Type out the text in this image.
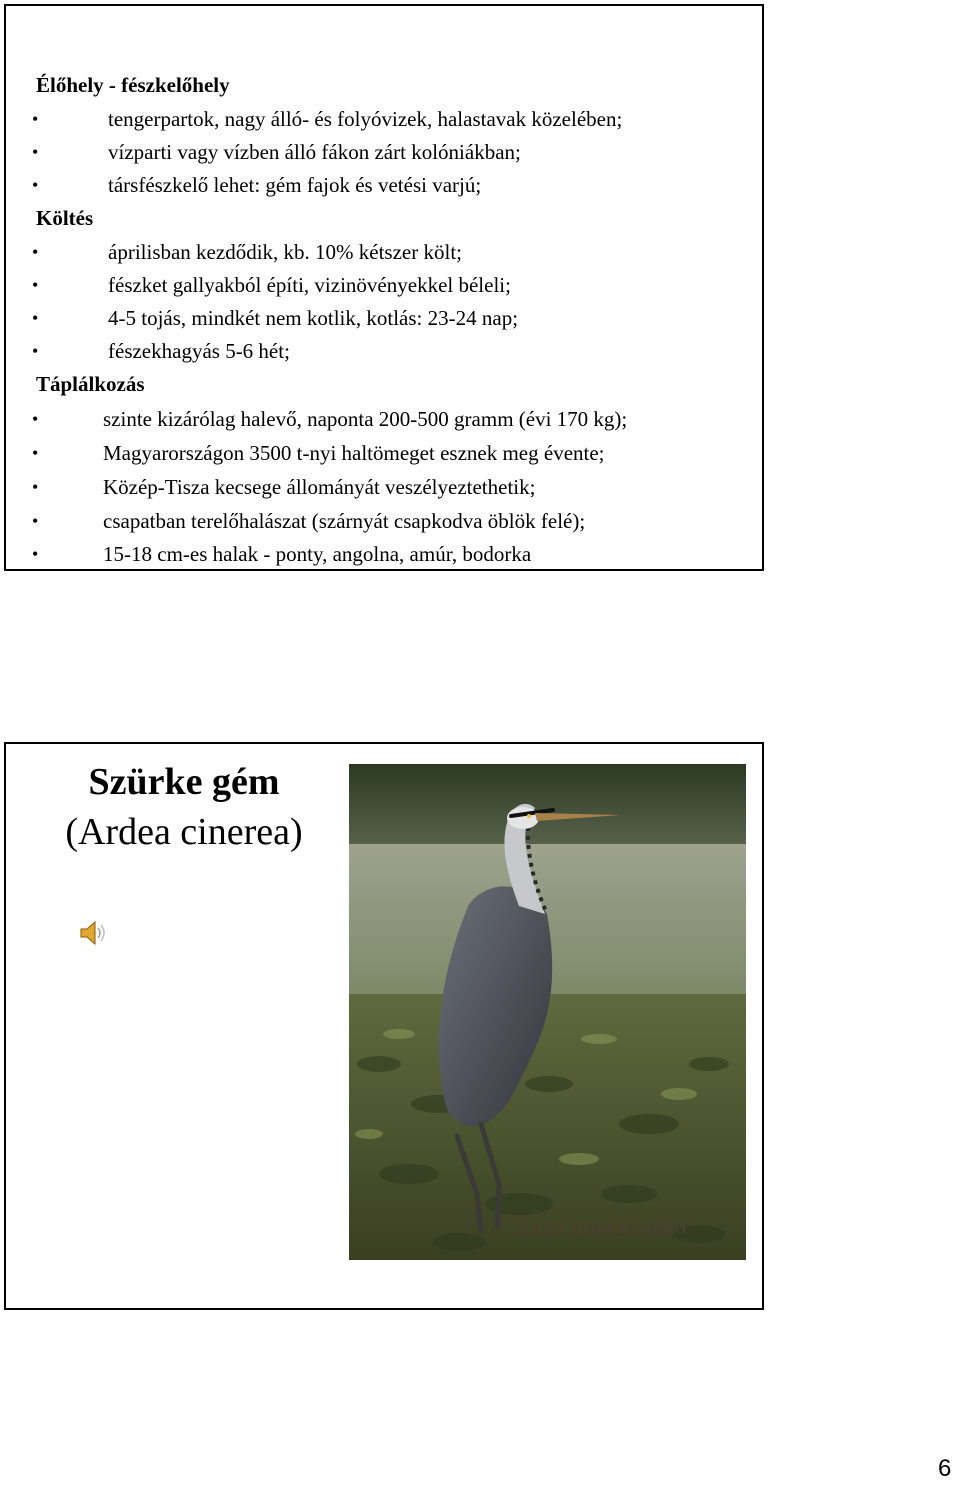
Élőhely - fészkelőhely
•	tengerpartok, nagy álló- és folyóvizek, halastavak közelében;
•	vízparti vagy vízben álló fákon zárt kolóniákban;
•	társfészkelő lehet: gém fajok és vetési varjú;
Költés
•	áprilisban kezdődik, kb. 10% kétszer költ;
•	fészket gallyakból építi, vizinövényekkel béleli;
•	4-5 tojás, mindkét nem kotlik, kotlás: 23-24 nap;
•	fészekhagyás 5-6 hét;
Táplálkozás
•	szinte kizárólag halevő, naponta 200-500 gramm (évi 170 kg);
•	Magyarországon 3500 t-nyi haltömeget esznek meg évente;
•	Közép-Tisza kecsege állományát veszélyeztethetik;
•	csapatban terelőhalászat (szárnyát csapkodva öblök felé);
•	15-18 cm-es halak - ponty, angolna, amúr, bodorka
Szürke gém
(Ardea cinerea)
Fotó: Papirnyik Norbert
6
